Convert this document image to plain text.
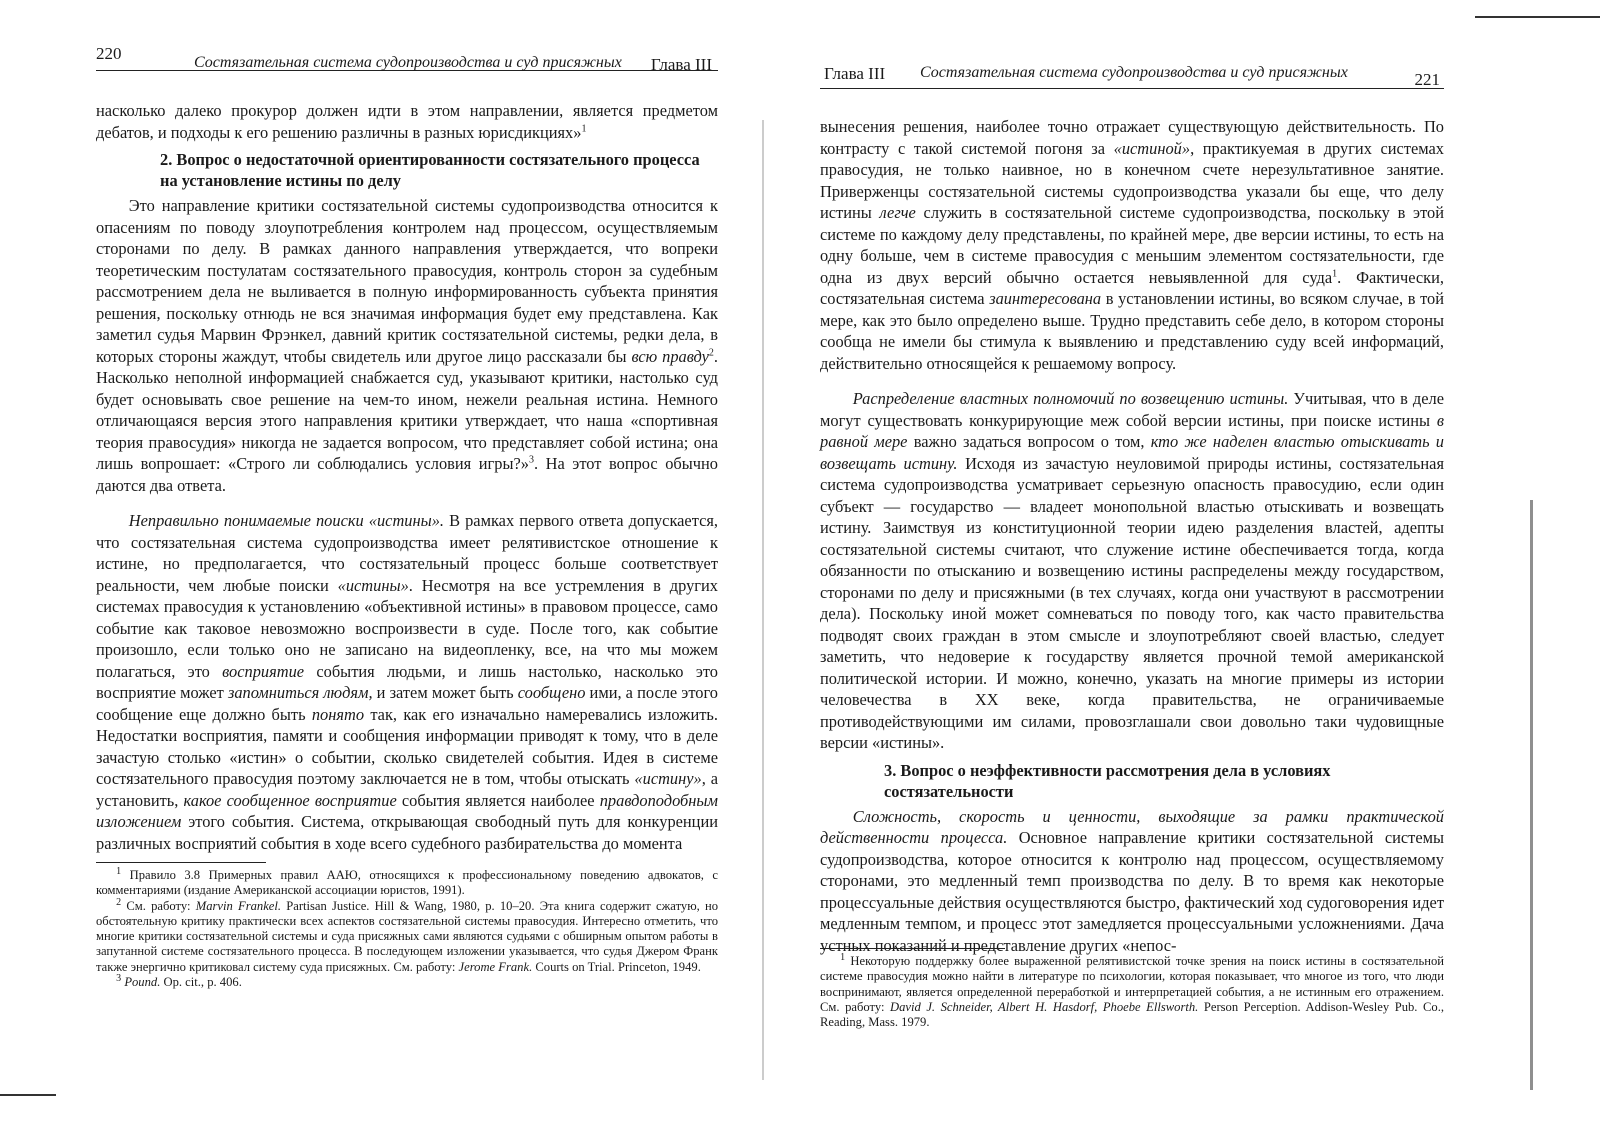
220	Состязательная система судопроизводства и суд присяжных Глава III

насколько далеко прокурор должен идти в этом направлении, является предметом дебатов, и подходы к его решению различны в разных юрисдикциях»$^1$

2. Вопрос о недостаточной ориентированности состязательного процесса на установление истины по делу

Это направление критики состязательной системы судопроизводства относится к опасениям по поводу злоупотребления контролем над процессом, осуществляемым сторонами по делу. В рамках данного направления утверждается, что вопреки теоретическим постулатам состязательного правосудия, контроль сторон за судебным рассмотрением дела не выливается в полную информированность субъекта принятия решения, поскольку отнюдь не вся значимая информация будет ему представлена. Как заметил судья Марвин Фрэнкел, давний критик состязательной системы, редки дела, в которых стороны жаждут, чтобы свидетель или другое лицо рассказали бы всю правду$^2$. Насколько неполной информацией снабжается суд, указывают критики, настолько суд будет основывать свое решение на чем-то ином, нежели реальная истина. Немного отличающаяся версия этого направления критики утверждает, что наша «спортивная теория правосудия» никогда не задается вопросом, что представляет собой истина; она лишь вопрошает: «Строго ли соблюдались условия игры?»$^3$. На этот вопрос обычно даются два ответа.

Неправильно понимаемые поиски «истины». В рамках первого ответа допускается, что состязательная система судопроизводства имеет релятивистское отношение к истине, но предполагается, что состязательный процесс больше соответствует реальности, чем любые поиски «истины». Несмотря на все устремления в других системах правосудия к установлению «объективной истины» в правовом процессе, само событие как таковое невозможно воспроизвести в суде. После того, как событие произошло, если только оно не записано на видеопленку, все, на что мы можем полагаться, это восприятие события людьми, и лишь настолько, насколько это восприятие может запомниться людям, и затем может быть сообщено ими, а после этого сообщение еще должно быть понято так, как его изначально намеревались изложить. Недостатки восприятия, памяти и сообщения информации приводят к тому, что в деле зачастую столько «истин» о событии, сколько свидетелей события. Идея в системе состязательного правосудия поэтому заключается не в том, чтобы отыскать «истину», а установить, какое сообщенное восприятие события является наиболее правдоподобным изложением этого события. Система, открывающая свободный путь для конкуренции различных восприятий события в ходе всего судебного разбирательства до момента

$^1$ Правило 3.8 Примерных правил ААЮ, относящихся к профессиональному поведению адвокатов, с комментариями (издание Американской ассоциации юристов, 1991).

$^2$ См. работу: Marvin Frankel. Partisan Justice. Hill & Wang, 1980, p. 10–20. Эта книга содержит сжатую, но обстоятельную критику практически всех аспектов состязательной системы правосудия. Интересно отметить, что многие критики состязательной системы и суда присяжных сами являются судьями с обширным опытом работы в запутанной системе состязательного процесса. В последующем изложении указывается, что судья Джером Франк также энергично критиковал систему суда присяжных. См. работу: Jerome Frank. Courts on Trial. Princeton, 1949.

$^3$ Pound. Op. cit., p. 406.

Глава III Состязательная система судопроизводства и суд присяжных	221

вынесения решения, наиболее точно отражает существующую действительность. По контрасту с такой системой погоня за «истиной», практикуемая в других системах правосудия, не только наивное, но в конечном счете нерезультативное занятие. Приверженцы состязательной системы судопроизводства указали бы еще, что делу истины легче служить в состязательной системе судопроизводства, поскольку в этой системе по каждому делу представлены, по крайней мере, две версии истины, то есть на одну больше, чем в системе правосудия с меньшим элементом состязательности, где одна из двух версий обычно остается невыявленной для суда$^1$. Фактически, состязательная система заинтересована в установлении истины, во всяком случае, в той мере, как это было определено выше. Трудно представить себе дело, в котором стороны сообща не имели бы стимула к выявлению и представлению суду всей информаций, действительно относящейся к решаемому вопросу.

Распределение властных полномочий по возвещению истины. Учитывая, что в деле могут существовать конкурирующие меж собой версии истины, при поиске истины в равной мере важно задаться вопросом о том, кто же наделен властью отыскивать и возвещать истину. Исходя из зачастую неуловимой природы истины, состязательная система судопроизводства усматривает серьезную опасность правосудию, если один субъект — государство — владеет монопольной властью отыскивать и возвещать истину. Заимствуя из конституционной теории идею разделения властей, адепты состязательной системы считают, что служение истине обеспечивается тогда, когда обязанности по отысканию и возвещению истины распределены между государством, сторонами по делу и присяжными (в тех случаях, когда они участвуют в рассмотрении дела). Поскольку иной может сомневаться по поводу того, как часто правительства подводят своих граждан в этом смысле и злоупотребляют своей властью, следует заметить, что недоверие к государству является прочной темой американской политической истории. И можно, конечно, указать на многие примеры из истории человечества в XX веке, когда правительства, не ограничиваемые противодействующими им силами, провозглашали свои довольно таки чудовищные версии «истины».

3. Вопрос о неэффективности рассмотрения дела в условиях состязательности

Сложность, скорость и ценности, выходящие за рамки практической действенности процесса. Основное направление критики состязательной системы судопроизводства, которое относится к контролю над процессом, осуществляемому сторонами, это медленный темп производства по делу. В то время как некоторые процессуальные действия осуществляются быстро, фактический ход судоговорения идет медленным темпом, и процесс этот замедляется процессуальными усложнениями. Дача устных показаний и представление других «непос-

$^1$ Некоторую поддержку более выраженной релятивистской точке зрения на поиск истины в состязательной системе правосудия можно найти в литературе по психологии, которая показывает, что многое из того, что люди воспринимают, является определенной переработкой и интерпретацией события, а не истинным его отражением. См. работу: David J. Schneider, Albert H. Hasdorf, Phoebe Ellsworth. Person Perception. Addison-Wesley Pub. Co., Reading, Mass. 1979.
